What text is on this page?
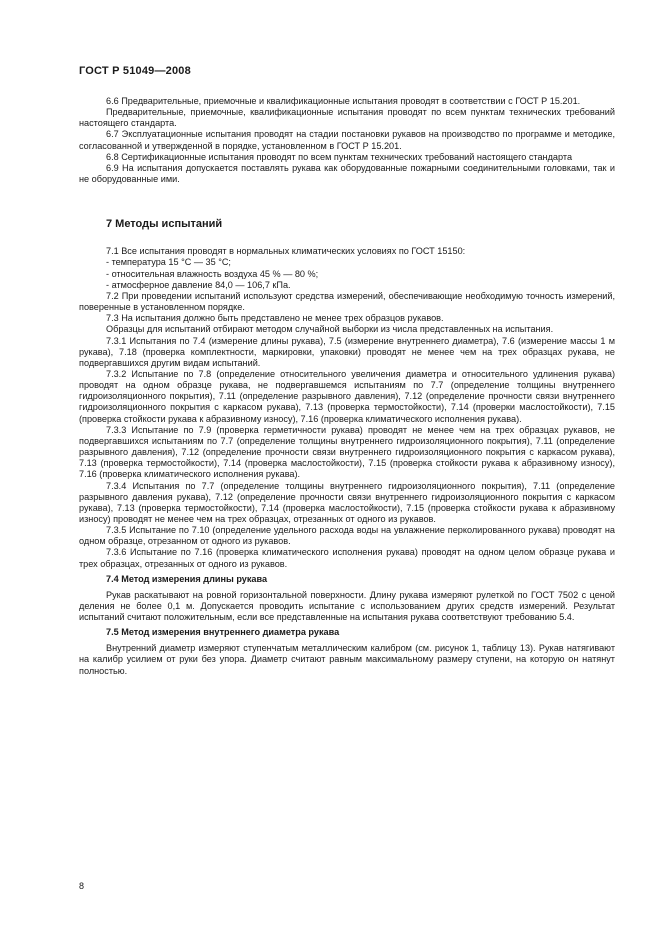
ГОСТ Р 51049—2008

6.6 Предварительные, приемочные и квалификационные испытания проводят в соответствии с ГОСТ Р 15.201.

Предварительные, приемочные, квалификационные испытания проводят по всем пунктам технических требований настоящего стандарта.

6.7 Эксплуатационные испытания проводят на стадии постановки рукавов на производство по программе и методике, согласованной и утвержденной в порядке, установленном в ГОСТ Р 15.201.

6.8 Сертификационные испытания проводят по всем пунктам технических требований настоящего стандарта

6.9 На испытания допускается поставлять рукава как оборудованные пожарными соединительными головками, так и не оборудованные ими.

7 Методы испытаний

7.1 Все испытания проводят в нормальных климатических условиях по ГОСТ 15150:

- температура 15 °С — 35 °С;

- относительная влажность воздуха 45 % — 80 %;

- атмосферное давление 84,0 — 106,7 кПа.

7.2 При проведении испытаний используют средства измерений, обеспечивающие необходимую точность измерений, поверенные в установленном порядке.

7.3 На испытания должно быть представлено не менее трех образцов рукавов.

Образцы для испытаний отбирают методом случайной выборки из числа представленных на испытания.

7.3.1 Испытания по 7.4 (измерение длины рукава), 7.5 (измерение внутреннего диаметра), 7.6 (измерение массы 1 м рукава), 7.18 (проверка комплектности, маркировки, упаковки) проводят не менее чем на трех образцах рукава, не подвергавшихся другим видам испытаний.

7.3.2 Испытание по 7.8 (определение относительного увеличения диаметра и относительного удлинения рукава) проводят на одном образце рукава, не подвергавшемся испытаниям по 7.7 (определение толщины внутреннего гидроизоляционного покрытия), 7.11 (определение разрывного давления), 7.12 (определение прочности связи внутреннего гидроизоляционного покрытия с каркасом рукава), 7.13 (проверка термостойкости), 7.14 (проверки маслостойкости), 7.15 (проверка стойкости рукава к абразивному износу), 7.16 (проверка климатического исполнения рукава).

7.3.3 Испытание по 7.9 (проверка герметичности рукава) проводят не менее чем на трех образцах рукавов, не подвергавшихся испытаниям по 7.7 (определение толщины внутреннего гидроизоляционного покрытия), 7.11 (определение разрывного давления), 7.12 (определение прочности связи внутреннего гидроизоляционного покрытия с каркасом рукава), 7.13 (проверка термостойкости), 7.14 (проверка маслостойкости), 7.15 (проверка стойкости рукава к абразивному износу), 7.16 (проверка климатического исполнения рукава).

7.3.4 Испытания по 7.7 (определение толщины внутреннего гидроизоляционного покрытия), 7.11 (определение разрывного давления рукава), 7.12 (определение прочности связи внутреннего гидроизоляционного покрытия с каркасом рукава), 7.13 (проверка термостойкости), 7.14 (проверка маслостойкости), 7.15 (проверка стойкости рукава к абразивному износу) проводят не менее чем на трех образцах, отрезанных от одного из рукавов.

7.3.5 Испытание по 7.10 (определение удельного расхода воды на увлажнение перколированного рукава) проводят на одном образце, отрезанном от одного из рукавов.

7.3.6 Испытание по 7.16 (проверка климатического исполнения рукава) проводят на одном целом образце рукава и трех образцах, отрезанных от одного из рукавов.

7.4 Метод измерения длины рукава

Рукав раскатывают на ровной горизонтальной поверхности. Длину рукава измеряют рулеткой по ГОСТ 7502 с ценой деления не более 0,1 м. Допускается проводить испытание с использованием других средств измерений. Результат испытаний считают положительным, если все представленные на испытания рукава соответствуют требованию 5.4.

7.5 Метод измерения внутреннего диаметра рукава

Внутренний диаметр измеряют ступенчатым металлическим калибром (см. рисунок 1, таблицу 13). Рукав натягивают на калибр усилием от руки без упора. Диаметр считают равным максимальному размеру ступени, на которую он натянут полностью.

8
